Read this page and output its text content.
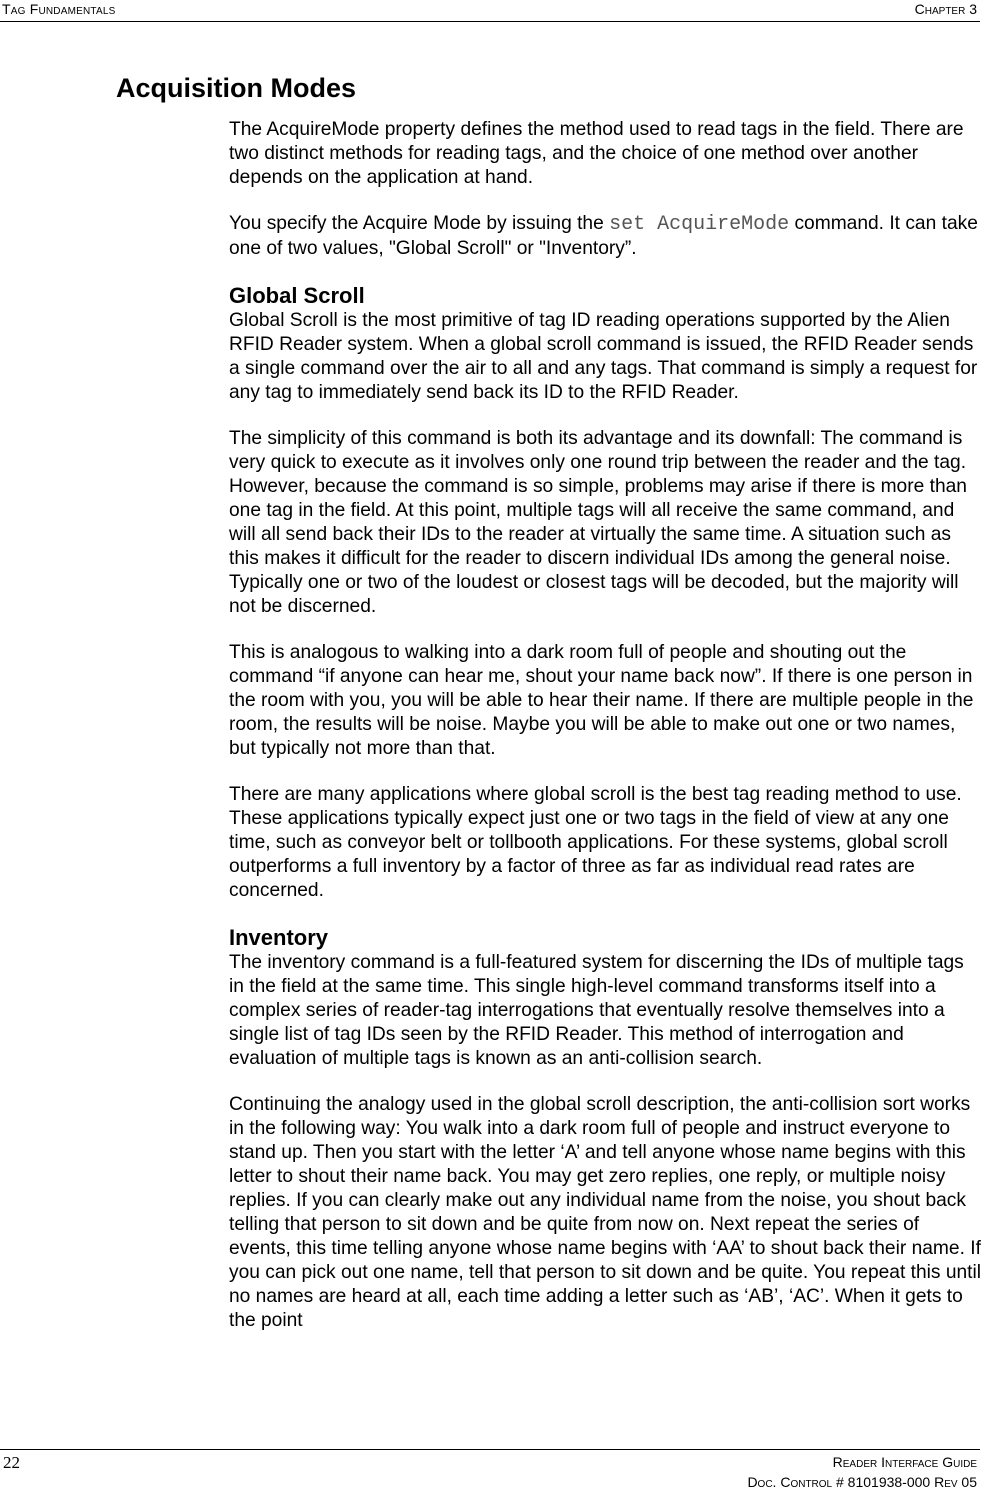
Tag Fundamentals	Chapter 3
Acquisition Modes

The AcquireMode property defines the method used to read tags in the field. There are two distinct methods for reading tags, and the choice of one method over another depends on the application at hand.

You specify the Acquire Mode by issuing the set AcquireMode command. It can take one of two values, "Global Scroll" or "Inventory”.

Global Scroll

Global Scroll is the most primitive of tag ID reading operations supported by the Alien RFID Reader system. When a global scroll command is issued, the RFID Reader sends a single command over the air to all and any tags. That command is simply a request for any tag to immediately send back its ID to the RFID Reader.

The simplicity of this command is both its advantage and its downfall: The command is very quick to execute as it involves only one round trip between the reader and the tag. However, because the command is so simple, problems may arise if there is more than one tag in the field. At this point, multiple tags will all receive the same command, and will all send back their IDs to the reader at virtually the same time. A situation such as this makes it difficult for the reader to discern individual IDs among the general noise. Typically one or two of the loudest or closest tags will be decoded, but the majority will not be discerned.

This is analogous to walking into a dark room full of people and shouting out the command “if anyone can hear me, shout your name back now”. If there is one person in the room with you, you will be able to hear their name. If there are multiple people in the room, the results will be noise. Maybe you will be able to make out one or two names, but typically not more than that.

There are many applications where global scroll is the best tag reading method to use. These applications typically expect just one or two tags in the field of view at any one time, such as conveyor belt or tollbooth applications. For these systems, global scroll outperforms a full inventory by a factor of three as far as individual read rates are concerned.

Inventory

The inventory command is a full-featured system for discerning the IDs of multiple tags in the field at the same time. This single high-level command transforms itself into a complex series of reader-tag interrogations that eventually resolve themselves into a single list of tag IDs seen by the RFID Reader. This method of interrogation and evaluation of multiple tags is known as an anti-collision search.

Continuing the analogy used in the global scroll description, the anti-collision sort works in the following way: You walk into a dark room full of people and instruct everyone to stand up. Then you start with the letter ‘A’ and tell anyone whose name begins with this letter to shout their name back. You may get zero replies, one reply, or multiple noisy replies. If you can clearly make out any individual name from the noise, you shout back telling that person to sit down and be quite from now on. Next repeat the series of events, this time telling anyone whose name begins with ‘AA’ to shout back their name. If you can pick out one name, tell that person to sit down and be quite. You repeat this until no names are heard at all, each time adding a letter such as ‘AB’, ‘AC’. When it gets to the point

22	Reader Interface Guide
Doc. Control # 8101938-000 Rev 05
